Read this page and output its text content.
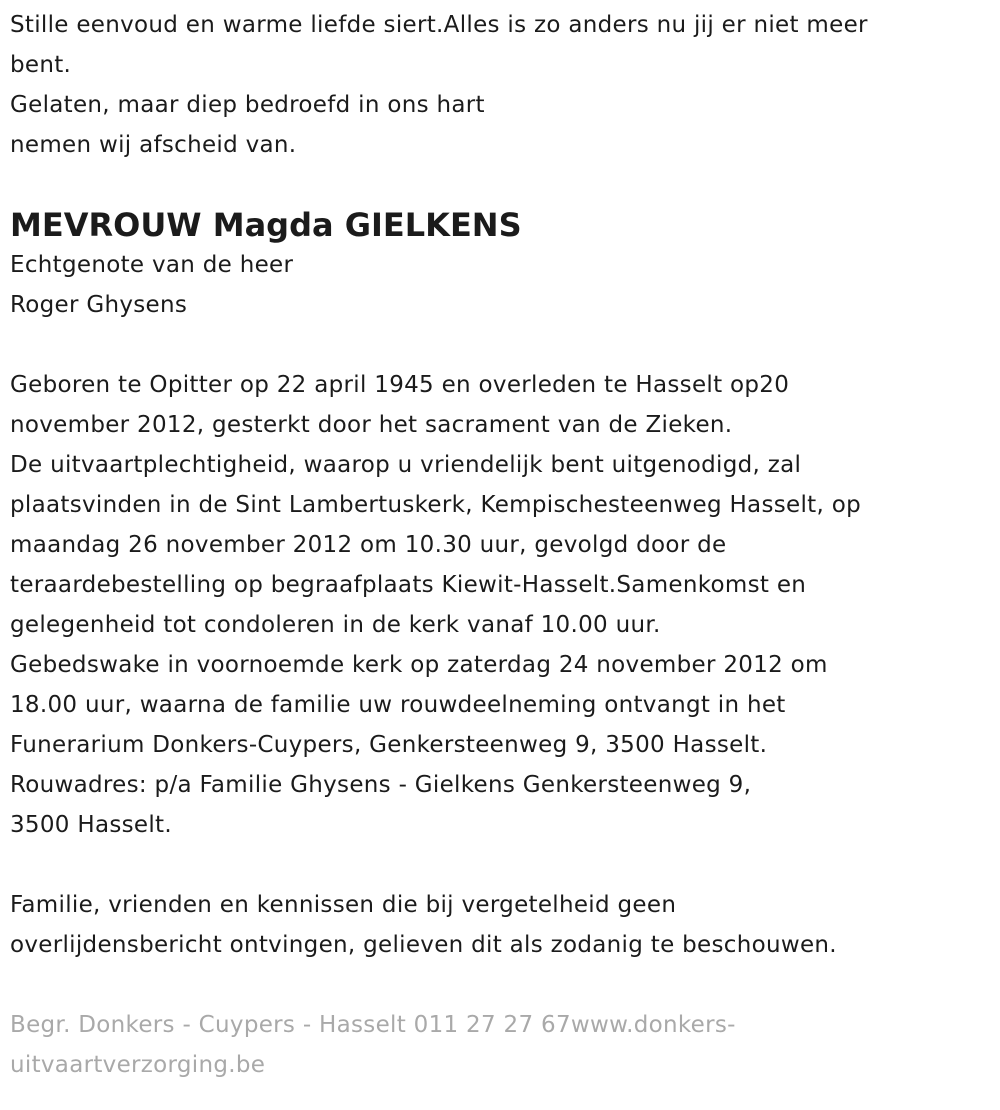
Stille eenvoud en warme liefde siert.Alles is zo anders nu jij er niet meer
bent.
Gelaten, maar diep bedroefd in ons hart
nemen wij afscheid van.
MEVROUW Magda GIELKENS
Echtgenote van de heer
Roger Ghysens
Geboren te Opitter op 22 april 1945 en overleden te Hasselt op20
november 2012, gesterkt door het sacrament van de Zieken.
De uitvaartplechtigheid, waarop u vriendelijk bent uitgenodigd, zal
plaatsvinden in de Sint Lambertuskerk, Kempischesteenweg Hasselt, op
maandag 26 november 2012 om 10.30 uur, gevolgd door de
teraardebestelling op begraafplaats Kiewit-Hasselt.Samenkomst en
gelegenheid tot condoleren in de kerk vanaf 10.00 uur.
Gebedswake in voornoemde kerk op zaterdag 24 november 2012 om
18.00 uur, waarna de familie uw rouwdeelneming ontvangt in het
Funerarium Donkers-Cuypers, Genkersteenweg 9, 3500 Hasselt.
Rouwadres: p/a Familie Ghysens - Gielkens Genkersteenweg 9,
3500 Hasselt.
Familie, vrienden en kennissen die bij vergetelheid geen
overlijdensbericht ontvingen, gelieven dit als zodanig te beschouwen.
Begr. Donkers - Cuypers - Hasselt 011 27 27 67www.donkers-
uitvaartverzorging.be
